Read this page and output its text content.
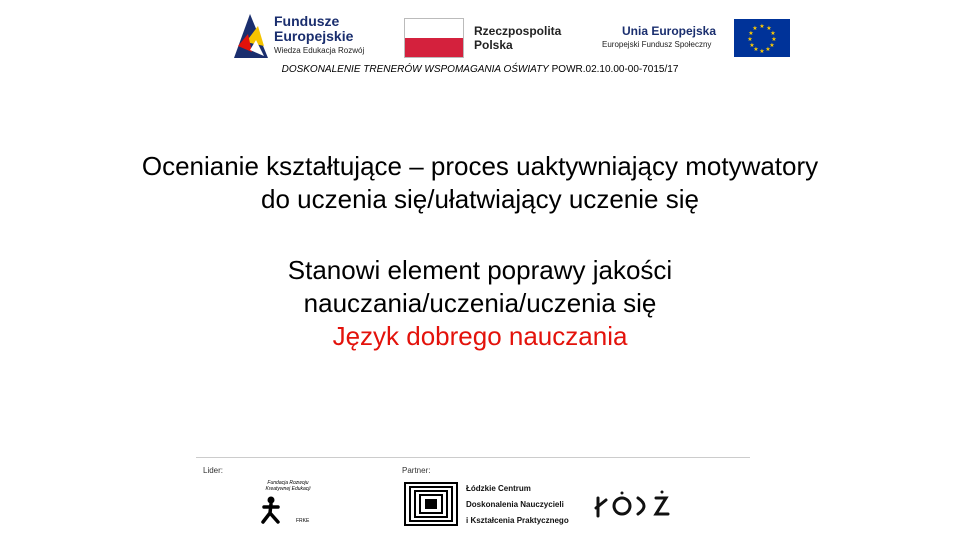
Fundusze
Europejskie
Wiedza Edukacja Rozwój
Rzeczpospolita
Polska
Unia Europejska
Europejski Fundusz Społeczny
★ ★
★
★
★
★
★
★
★
★
★
★
DOSKONALENIE TRENERÓW WSPOMAGANIA OŚWIATY POWR.02.10.00-00-7015/17
Ocenianie kształtujące – proces uaktywniający motywatory
do uczenia się/ułatwiający uczenie się
Stanowi element poprawy jakości
nauczania/uczenia/uczenia się
Język dobrego nauczania
Lider:	Partner:
Fundacja Rozwoju Kreatywnej Edukacji
FRKE
Łódzkie Centrum
Doskonalenia Nauczycieli
i Kształcenia Praktycznego
